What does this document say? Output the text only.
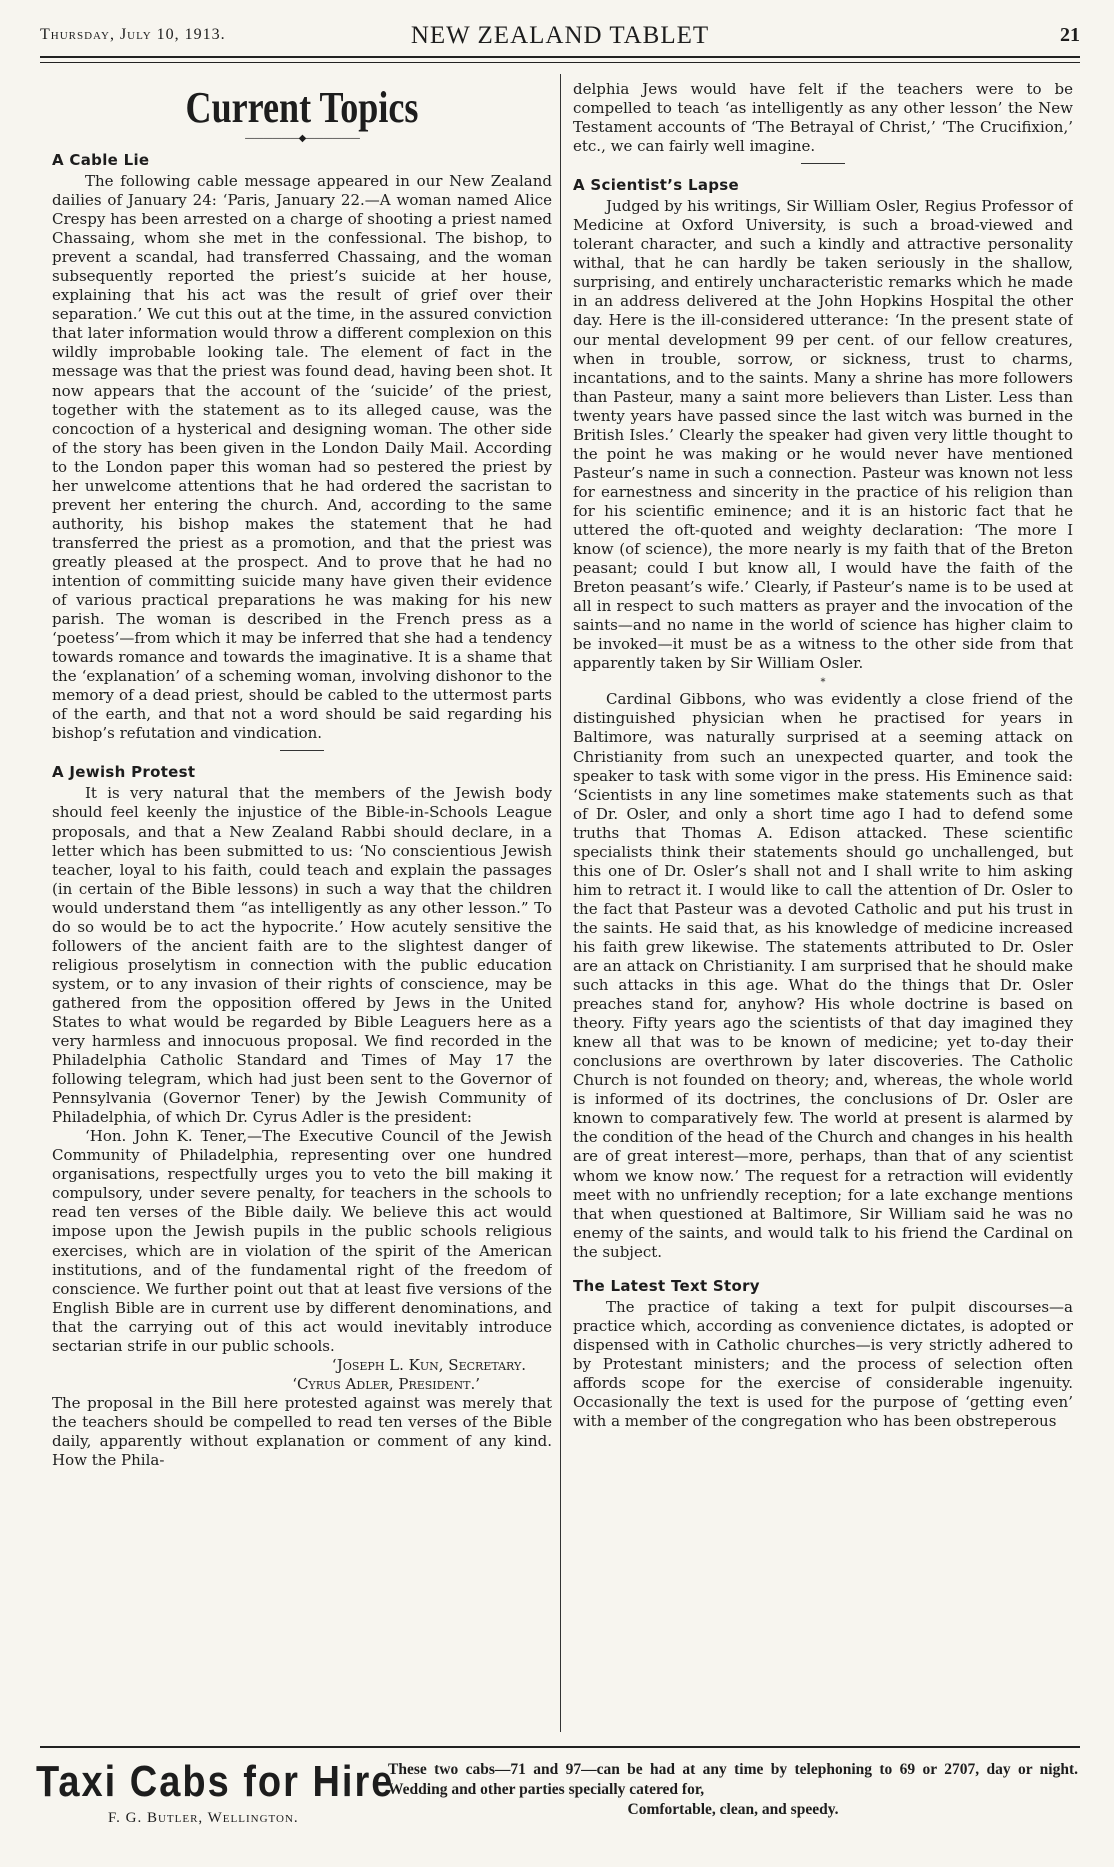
Thursday, July 10, 1913.	NEW ZEALAND TABLET	21
Current Topics
——————◆——————
A Cable Lie

The following cable message appeared in our New Zealand dailies of January 24: ‘Paris, January 22.—A woman named Alice Crespy has been arrested on a charge of shooting a priest named Chassaing, whom she met in the confessional. The bishop, to prevent a scandal, had transferred Chassaing, and the woman subsequently reported the priest’s suicide at her house, explaining that his act was the result of grief over their separation.’ We cut this out at the time, in the assured conviction that later information would throw a different complexion on this wildly improbable looking tale. The element of fact in the message was that the priest was found dead, having been shot. It now appears that the account of the ‘suicide’ of the priest, together with the statement as to its alleged cause, was the concoction of a hysterical and designing woman. The other side of the story has been given in the London Daily Mail. According to the London paper this woman had so pestered the priest by her unwelcome attentions that he had ordered the sacristan to prevent her entering the church. And, according to the same authority, his bishop makes the statement that he had transferred the priest as a promotion, and that the priest was greatly pleased at the prospect. And to prove that he had no intention of committing suicide many have given their evidence of various practical preparations he was making for his new parish. The woman is described in the French press as a ‘poetess’—from which it may be inferred that she had a tendency towards romance and towards the imaginative. It is a shame that the ‘explanation’ of a scheming woman, involving dishonor to the memory of a dead priest, should be cabled to the uttermost parts of the earth, and that not a word should be said regarding his bishop’s refutation and vindication.

A Jewish Protest

It is very natural that the members of the Jewish body should feel keenly the injustice of the Bible-in-Schools League proposals, and that a New Zealand Rabbi should declare, in a letter which has been submitted to us: ‘No conscientious Jewish teacher, loyal to his faith, could teach and explain the passages (in certain of the Bible lessons) in such a way that the children would understand them “as intelligently as any other lesson.” To do so would be to act the hypocrite.’ How acutely sensitive the followers of the ancient faith are to the slightest danger of religious proselytism in connection with the public education system, or to any invasion of their rights of conscience, may be gathered from the opposition offered by Jews in the United States to what would be regarded by Bible Leaguers here as a very harmless and innocuous proposal. We find recorded in the Philadelphia Catholic Standard and Times of May 17 the following telegram, which had just been sent to the Governor of Pennsylvania (Governor Tener) by the Jewish Community of Philadelphia, of which Dr. Cyrus Adler is the president:

‘Hon. John K. Tener,—The Executive Council of the Jewish Community of Philadelphia, representing over one hundred organisations, respectfully urges you to veto the bill making it compulsory, under severe penalty, for teachers in the schools to read ten verses of the Bible daily. We believe this act would impose upon the Jewish pupils in the public schools religious exercises, which are in violation of the spirit of the American institutions, and of the fundamental right of the freedom of conscience. We further point out that at least five versions of the English Bible are in current use by different denominations, and that the carrying out of this act would inevitably introduce sectarian strife in our public schools.

‘Joseph L. Kun, Secretary.

‘Cyrus Adler, President.’

The proposal in the Bill here protested against was merely that the teachers should be compelled to read ten verses of the Bible daily, apparently without explanation or comment of any kind. How the Phila-

delphia Jews would have felt if the teachers were to be compelled to teach ‘as intelligently as any other lesson’ the New Testament accounts of ‘The Betrayal of Christ,’ ‘The Crucifixion,’ etc., we can fairly well imagine.

A Scientist’s Lapse

Judged by his writings, Sir William Osler, Regius Professor of Medicine at Oxford University, is such a broad-viewed and tolerant character, and such a kindly and attractive personality withal, that he can hardly be taken seriously in the shallow, surprising, and entirely uncharacteristic remarks which he made in an address delivered at the John Hopkins Hospital the other day. Here is the ill-considered utterance: ‘In the present state of our mental development 99 per cent. of our fellow creatures, when in trouble, sorrow, or sickness, trust to charms, incantations, and to the saints. Many a shrine has more followers than Pasteur, many a saint more believers than Lister. Less than twenty years have passed since the last witch was burned in the British Isles.’ Clearly the speaker had given very little thought to the point he was making or he would never have mentioned Pasteur’s name in such a connection. Pasteur was known not less for earnestness and sincerity in the practice of his religion than for his scientific eminence; and it is an historic fact that he uttered the oft-quoted and weighty declaration: ‘The more I know (of science), the more nearly is my faith that of the Breton peasant; could I but know all, I would have the faith of the Breton peasant’s wife.’ Clearly, if Pasteur’s name is to be used at all in respect to such matters as prayer and the invocation of the saints—and no name in the world of science has higher claim to be invoked—it must be as a witness to the other side from that apparently taken by Sir William Osler.

*

Cardinal Gibbons, who was evidently a close friend of the distinguished physician when he practised for years in Baltimore, was naturally surprised at a seeming attack on Christianity from such an unexpected quarter, and took the speaker to task with some vigor in the press. His Eminence said: ‘Scientists in any line sometimes make statements such as that of Dr. Osler, and only a short time ago I had to defend some truths that Thomas A. Edison attacked. These scientific specialists think their statements should go unchallenged, but this one of Dr. Osler’s shall not and I shall write to him asking him to retract it. I would like to call the attention of Dr. Osler to the fact that Pasteur was a devoted Catholic and put his trust in the saints. He said that, as his knowledge of medicine increased his faith grew likewise. The statements attributed to Dr. Osler are an attack on Christianity. I am surprised that he should make such attacks in this age. What do the things that Dr. Osler preaches stand for, anyhow? His whole doctrine is based on theory. Fifty years ago the scientists of that day imagined they knew all that was to be known of medicine; yet to-day their conclusions are overthrown by later discoveries. The Catholic Church is not founded on theory; and, whereas, the whole world is informed of its doctrines, the conclusions of Dr. Osler are known to comparatively few. The world at present is alarmed by the condition of the head of the Church and changes in his health are of great interest—more, perhaps, than that of any scientist whom we know now.’ The request for a retraction will evidently meet with no unfriendly reception; for a late exchange mentions that when questioned at Baltimore, Sir William said he was no enemy of the saints, and would talk to his friend the Cardinal on the subject.

The Latest Text Story

The practice of taking a text for pulpit discourses—a practice which, according as convenience dictates, is adopted or dispensed with in Catholic churches—is very strictly adhered to by Protestant ministers; and the process of selection often affords scope for the exercise of considerable ingenuity. Occasionally the text is used for the purpose of ‘getting even’ with a member of the congregation who has been obstreperous

Taxi Cabs for Hire
F. G. Butler, Wellington.
These two cabs—71 and 97—can be had at any time by telephoning to 69 or 2707, day or night. Wedding and other parties specially catered for,
Comfortable, clean, and speedy.
